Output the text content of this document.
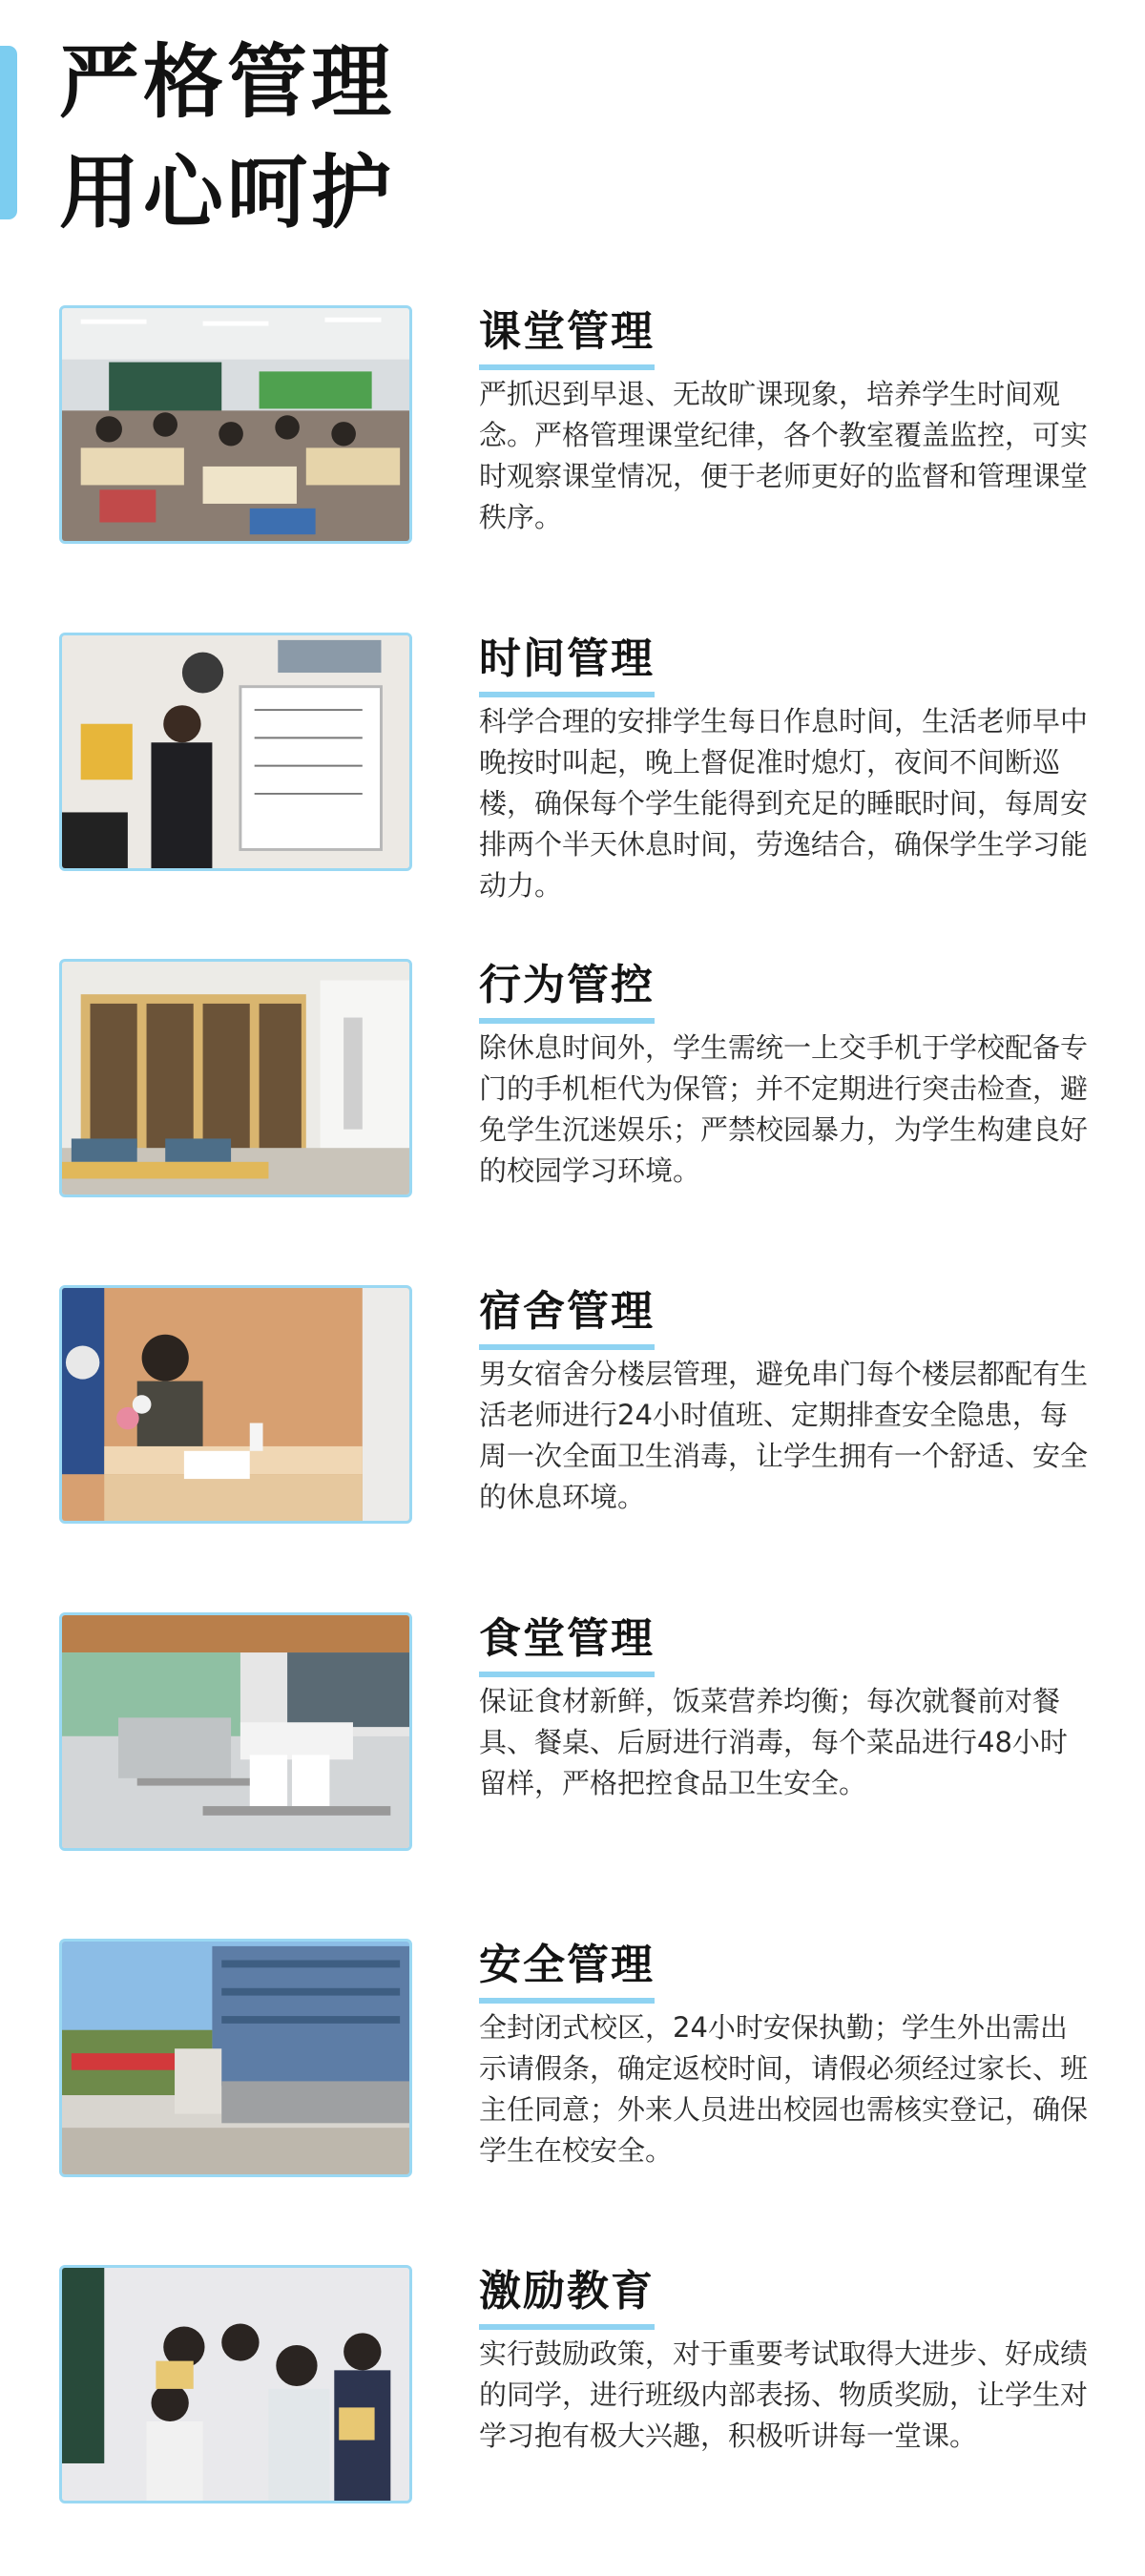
严格管理
用心呵护
课堂管理

严抓迟到早退、无故旷课现象，培养学生时间观念。严格管理课堂纪律，各个教室覆盖监控，可实时观察课堂情况，便于老师更好的监督和管理课堂秩序。

时间管理

科学合理的安排学生每日作息时间，生活老师早中晚按时叫起，晚上督促准时熄灯，夜间不间断巡楼，确保每个学生能得到充足的睡眠时间，每周安排两个半天休息时间，劳逸结合，确保学生学习能动力。

行为管控

除休息时间外，学生需统一上交手机于学校配备专门的手机柜代为保管；并不定期进行突击检查，避免学生沉迷娱乐；严禁校园暴力，为学生构建良好的校园学习环境。

宿舍管理

男女宿舍分楼层管理，避免串门每个楼层都配有生活老师进行24小时值班、定期排查安全隐患，每周一次全面卫生消毒，让学生拥有一个舒适、安全的休息环境。

食堂管理

保证食材新鲜，饭菜营养均衡；每次就餐前对餐具、餐桌、后厨进行消毒，每个菜品进行48小时留样，严格把控食品卫生安全。

安全管理

全封闭式校区，24小时安保执勤；学生外出需出示请假条，确定返校时间，请假必须经过家长、班主任同意；外来人员进出校园也需核实登记，确保学生在校安全。

激励教育

实行鼓励政策，对于重要考试取得大进步、好成绩的同学，进行班级内部表扬、物质奖励，让学生对学习抱有极大兴趣，积极听讲每一堂课。
